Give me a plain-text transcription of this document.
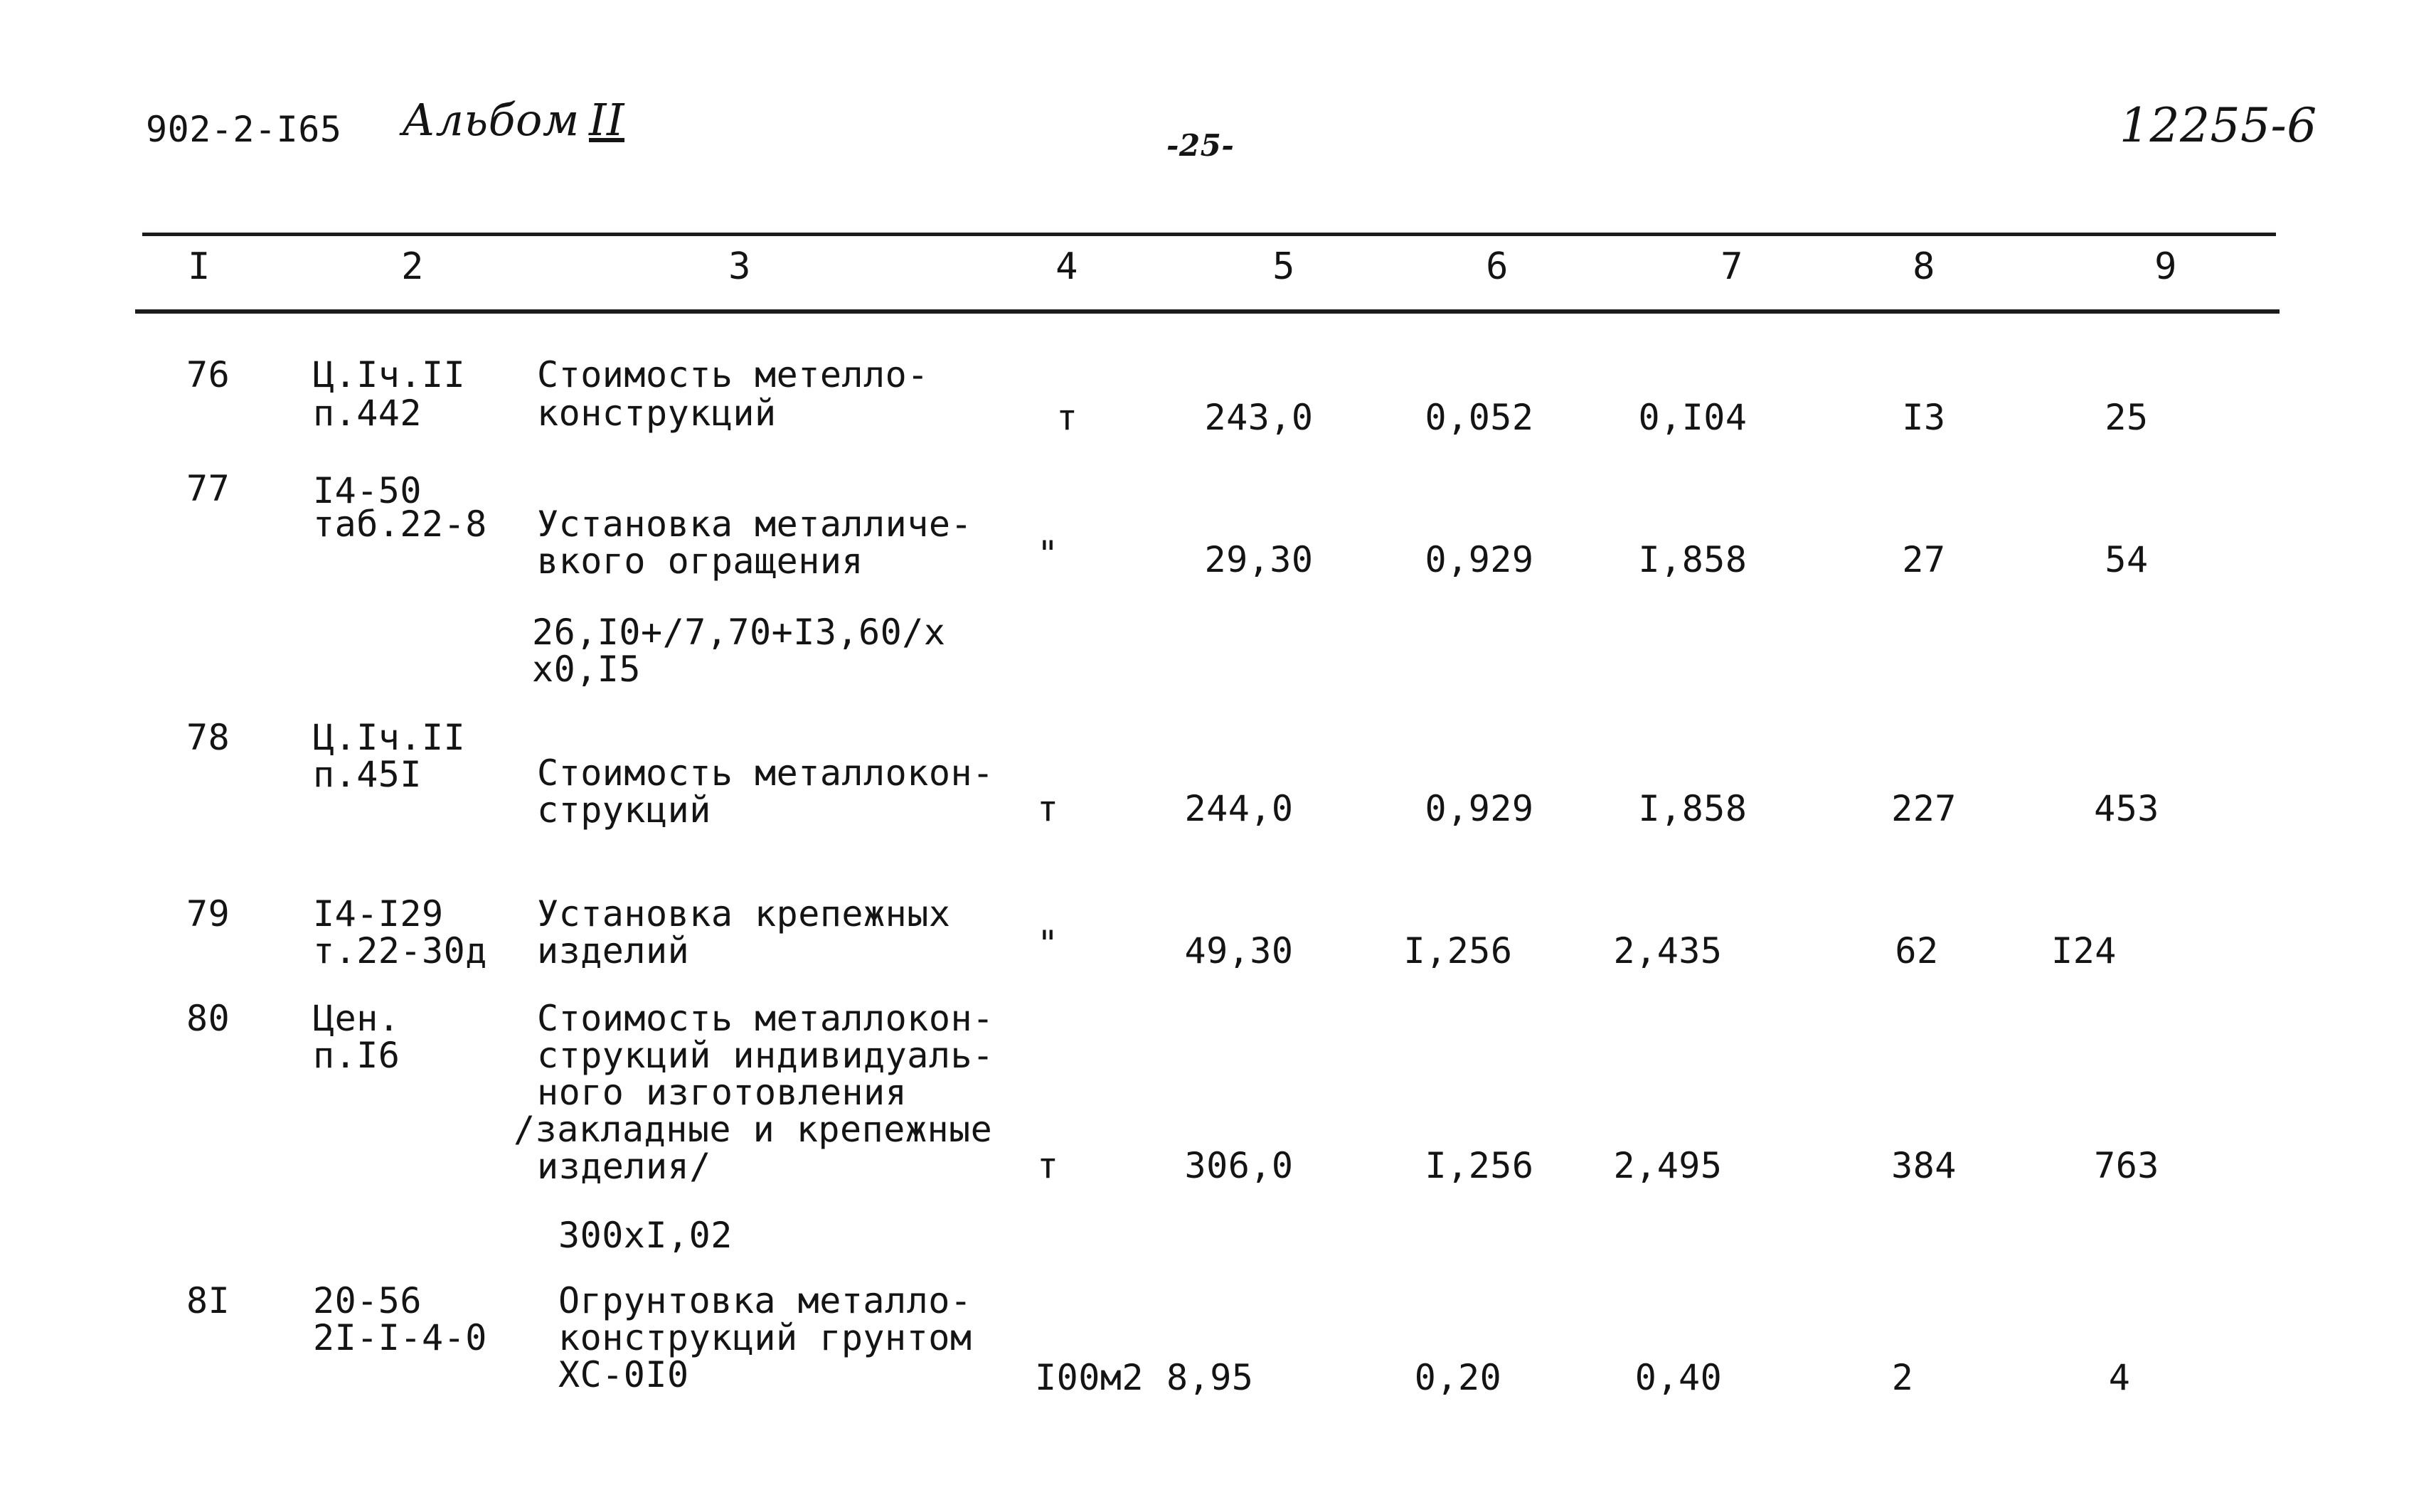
902-2-I65 Альбом II	-25-	12255-6
I	2	3	4	5	6	7	8	9
76 Ц.Iч.II
п.442
Стоимость метелло-
конструкций	т	243,0	0,052	0,I04	I3	25
77 I4-50
таб.22-8 Установка металличе-
вкого огращения
26,I0+/7,70+I3,60/х
х0,I5
"	29,30	0,929	I,858	27	54
78 Ц.Iч.II
п.45I	Стоимость металлокон-
струкций	т	244,0	0,929	I,858	227	453
79 I4-I29
т.22-30д
Установка крепежных
изделий	"	49,30	I,256	2,435	62	I24
80 Цен.
п.I6
Стоимость металлокон-
струкций индивидуаль-
ного изготовления
/закладные и крепежные
изделия/
300хI,02
т	306,0	I,256	2,495	384	763
8I 20-56
2I-I-4-0
Огрунтовка металло-
конструкций грунтом
ХС-0I0	I00м2 8,95	0,20	0,40	2	4
